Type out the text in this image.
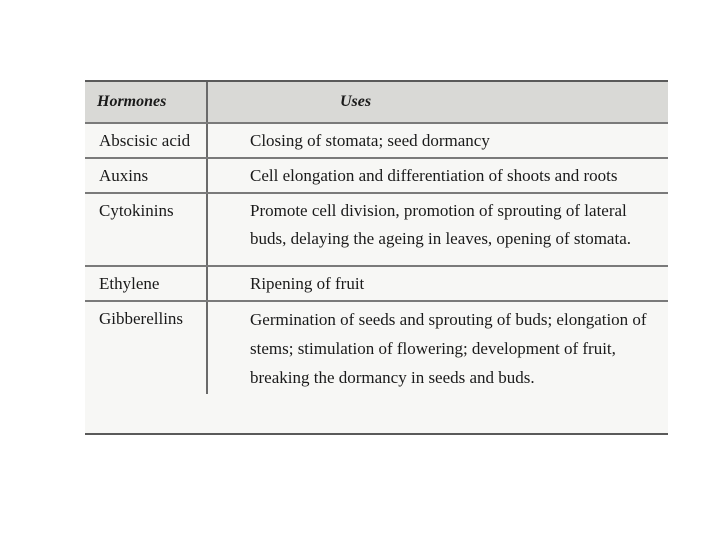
Hormones	Uses
Abscisic acid	Closing of stomata; seed dormancy
Auxins	Cell elongation and differentiation of shoots and roots
Cytokinins	Promote cell division, promotion of sprouting of lateral buds, delaying the ageing in leaves, opening of stomata.
Ethylene	Ripening of fruit
Gibberellins	Germination of seeds and sprouting of buds; elongation of stems; stimulation of flowering; development of fruit, breaking the dormancy in seeds and buds.
